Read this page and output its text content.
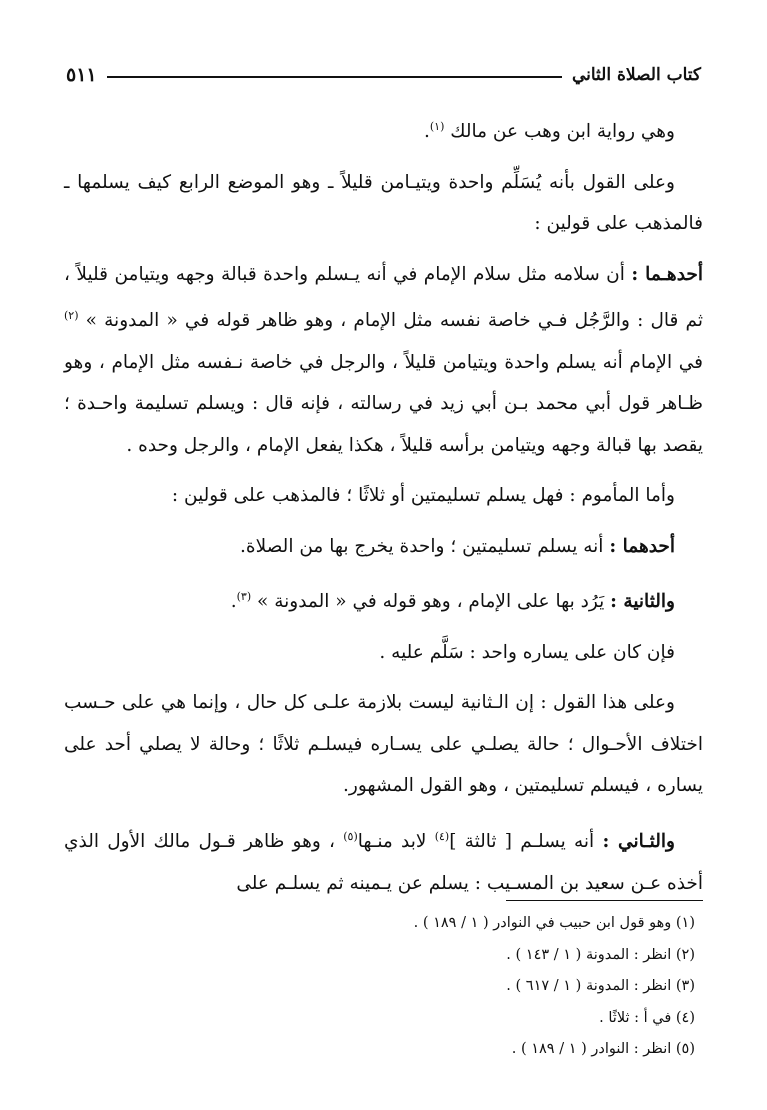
كتاب الصلاة الثاني
٥١١

وهي رواية ابن وهب عن مالك $^{(١)}$.

وعلى القول بأنه يُسَلِّم واحدة ويتيـامن قليلاً ـ وهو الموضع الرابع كيف يسلمها ـ فالمذهب على قولين :

أحدهـما : أن سلامه مثل سلام الإمام في أنه يـسلم واحدة قبالة وجهه ويتيامن قليلاً ، ثم قال : والرَّجُل فـي خاصة نفسه مثل الإمام ، وهو ظاهر قوله في « المدونة » $^{(٢)}$ في الإمام أنه يسلم واحدة ويتيامن قليلاً ، والرجل في خاصة نـفسه مثل الإمام ، وهو ظـاهر قول أبي محمد بـن أبي زيد في رسالته ، فإنه قال : ويسلم تسليمة واحـدة ؛ يقصد بها قبالة وجهه ويتيامن برأسه قليلاً ، هكذا يفعل الإمام ، والرجل وحده .

وأما المأموم : فهل يسلم تسليمتين أو ثلاثًا ؛ فالمذهب على قولين :

أحدهما : أنه يسلم تسليمتين ؛ واحدة يخرج بها من الصلاة.

والثانية : يَرُد بها على الإمام ، وهو قوله في « المدونة » $^{(٣)}$.

فإن كان على يساره واحد : سَلَّم عليه .

وعلى هذا القول : إن الـثانية ليست بلازمة علـى كل حال ، وإنما هي على حـسب اختلاف الأحـوال ؛ حالة يصلـي على يسـاره فيسلـم ثلاثًا ؛ وحالة لا يصلي أحد على يساره ، فيسلم تسليمتين ، وهو القول المشهور.

والثـاني : أنه يسلـم [ ثالثة ]$^{(٤)}$ لابد منـها$^{(٥)}$ ، وهو ظاهر قـول مالك الأول الذي أخذه عـن سعيد بن المسـيب : يسلم عن يـمينه ثم يسلـم على

(١) وهو قول ابن حبيب في النوادر ( ١ / ١٨٩ ) .
(٢) انظر : المدونة ( ١ / ١٤٣ ) .
(٣) انظر : المدونة ( ١ / ٦١٧ ) .
(٤) في أ : ثلاثًا .
(٥) انظر : النوادر ( ١ / ١٨٩ ) .
